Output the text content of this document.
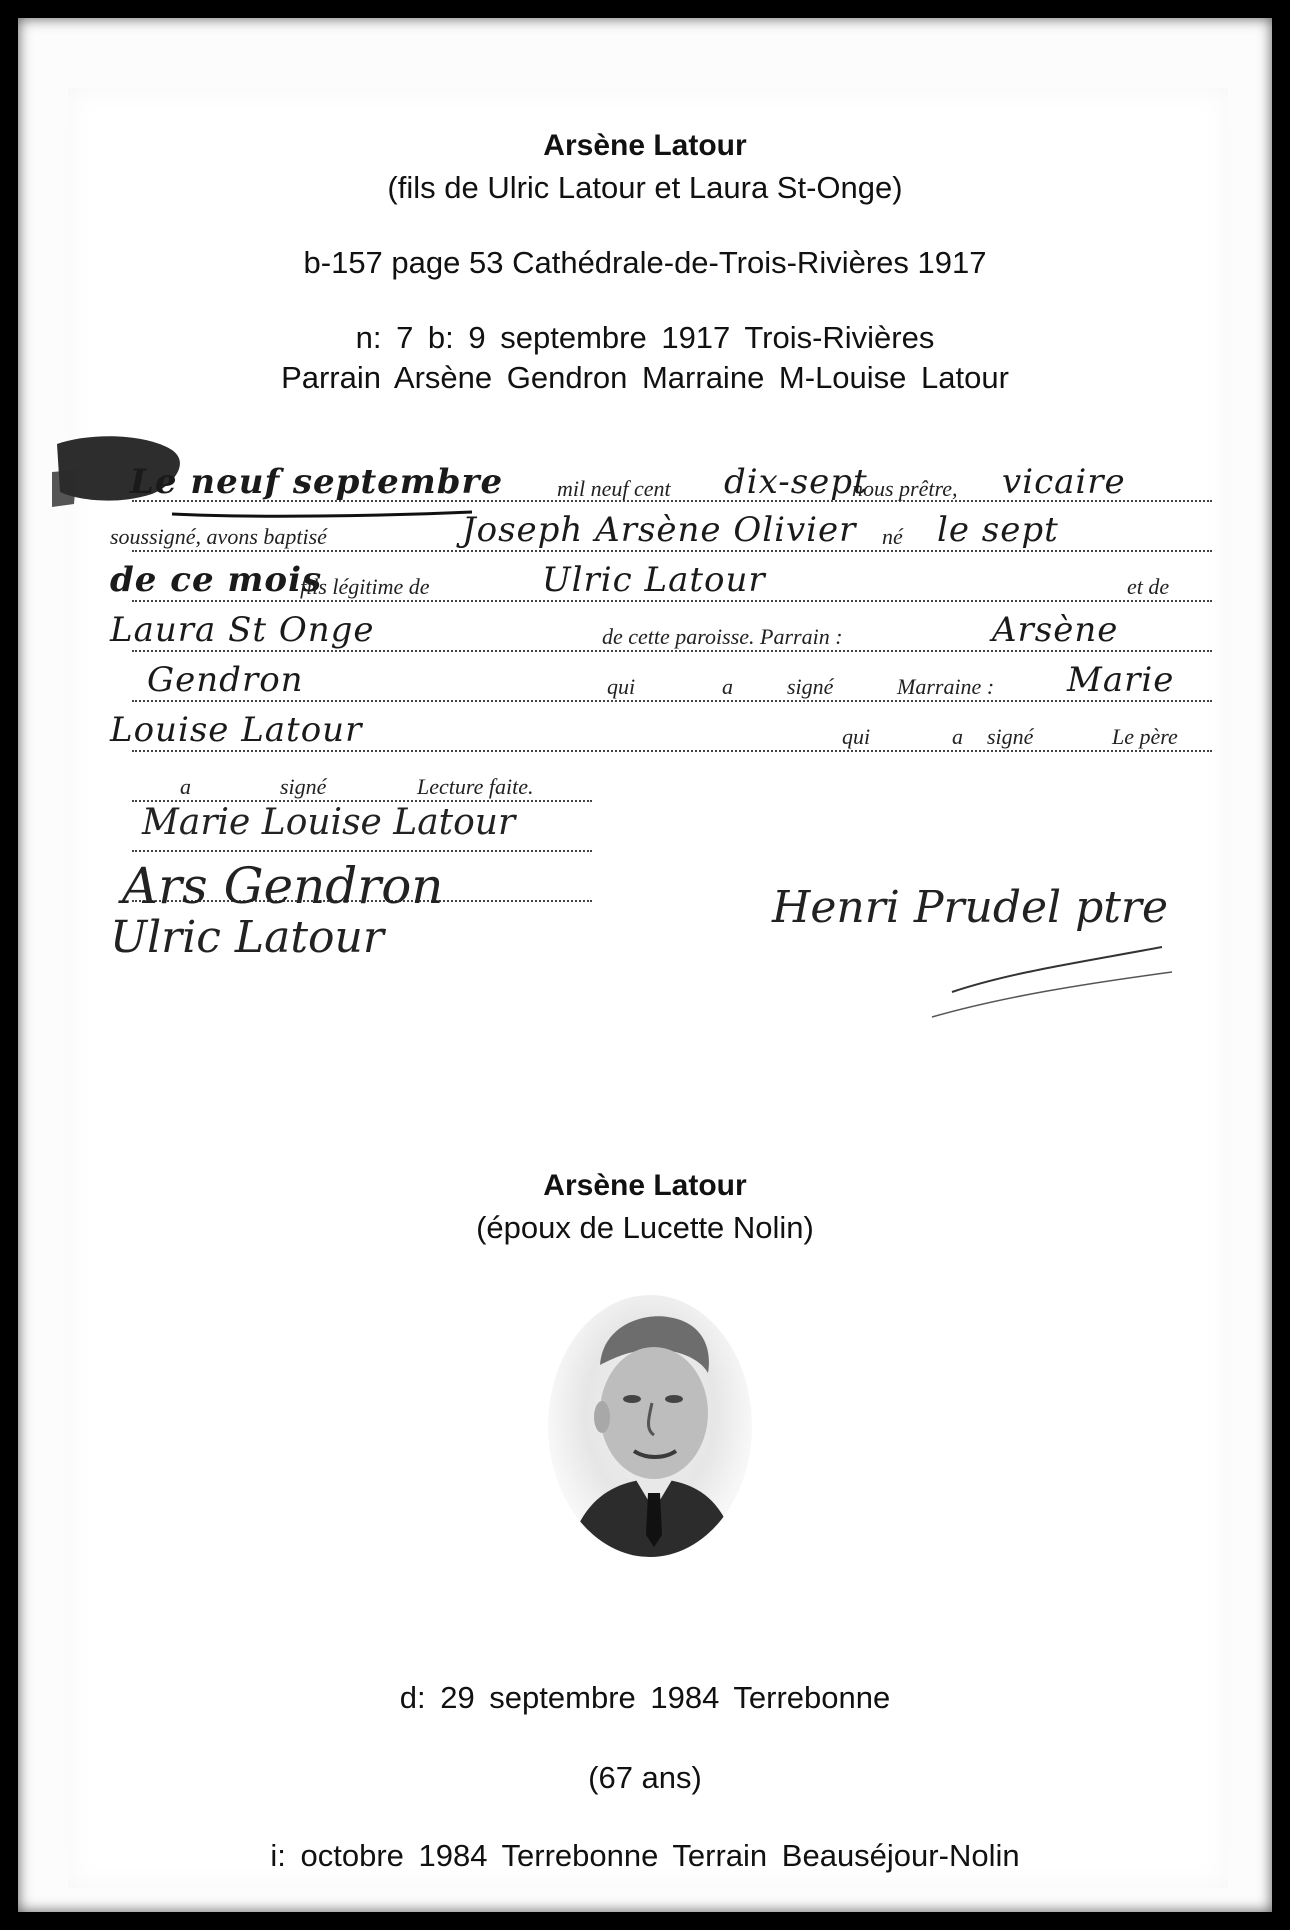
Arsène Latour
(fils de Ulric Latour et Laura St-Onge)
b-157 page 53 Cathédrale-de-Trois-Rivières 1917
n: 7 b: 9 septembre 1917 Trois-Rivières
Parrain Arsène Gendron Marraine M-Louise Latour
Le neuf septembre mil neuf cent dix-sept
nous prêtre, vicaire
soussigné, avons baptisé	Joseph Arsène Olivier né le sept
de ce mois
fils légitime de	Ulric Latour	et de
Laura St Onge	de cette paroisse. Parrain :	Arsène
Gendron	qui	a signé	Marraine : Marie
Louise Latour	qui	a signé	Le père
a	signé	Lecture faite.
Marie Louise Latour
Ars Gendron
Ulric Latour
Henri Prudel ptre
Arsène Latour
(époux de Lucette Nolin)
d: 29 septembre 1984 Terrebonne
(67 ans)
i: octobre 1984 Terrebonne Terrain Beauséjour-Nolin
